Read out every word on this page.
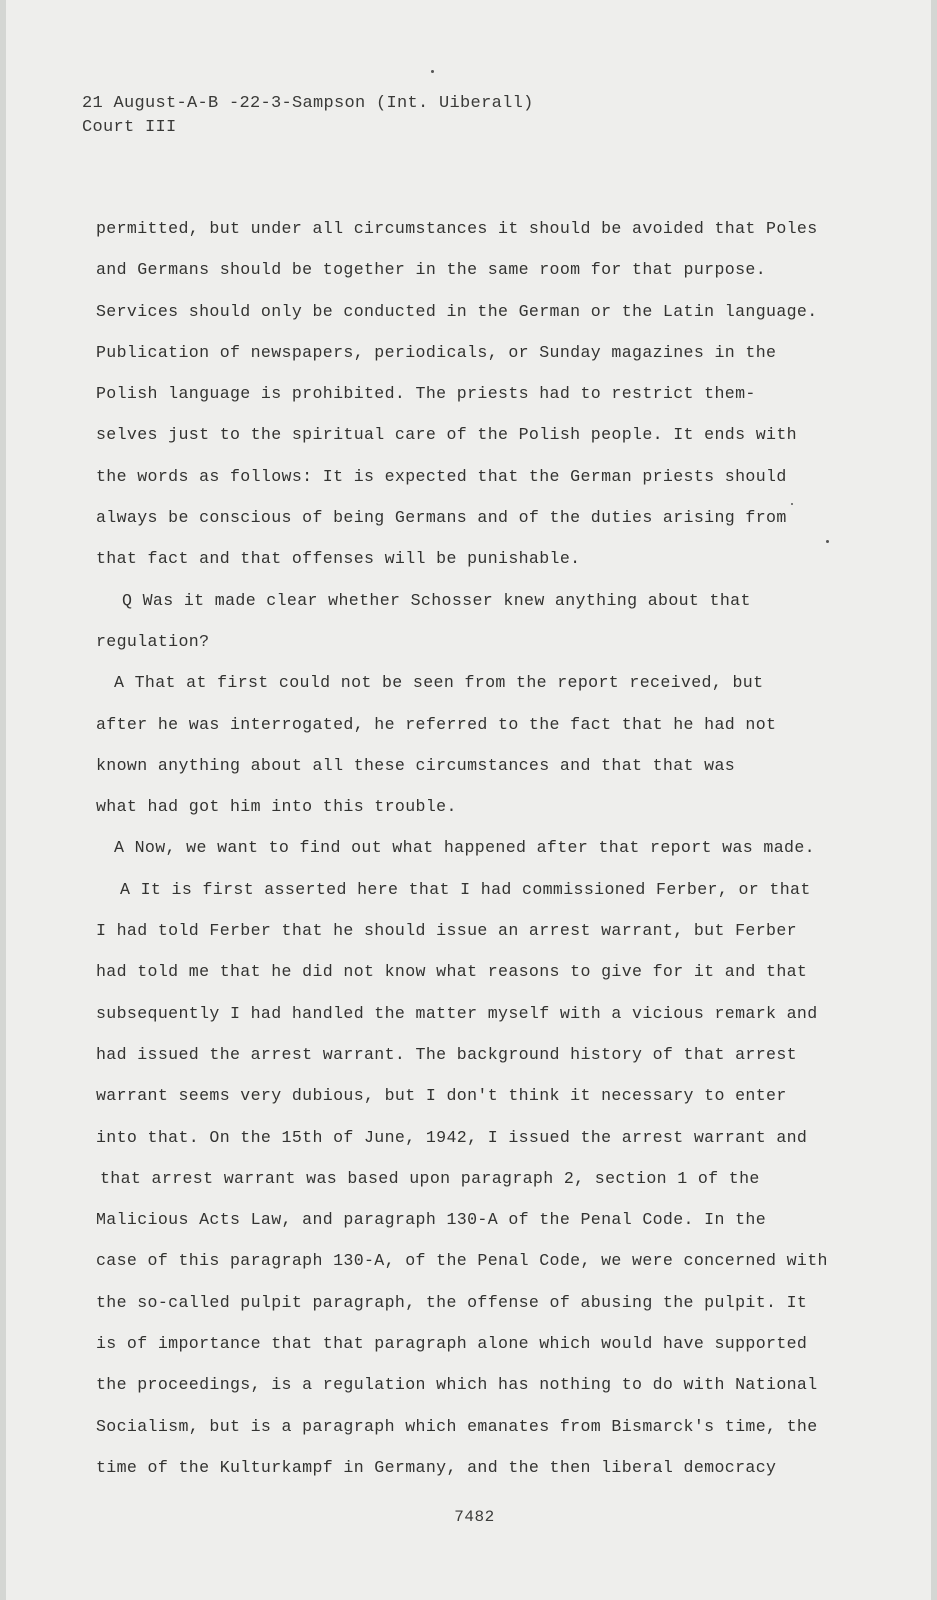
21 August-A-B -22-3-Sampson (Int. Uiberall)
Court III
permitted, but under all circumstances it should be avoided that Poles
and Germans should be together in the same room for that purpose.
Services should only be conducted in the German or the Latin language.
Publication of newspapers, periodicals, or Sunday magazines in the
Polish language is prohibited. The priests had to restrict them-
selves just to the spiritual care of the Polish people. It ends with
the words as follows: It is expected that the German priests should
always be conscious of being Germans and of the duties arising from
that fact and that offenses will be punishable.
Q Was it made clear whether Schosser knew anything about that
regulation?
A That at first could not be seen from the report received, but
after he was interrogated, he referred to the fact that he had not
known anything about all these circumstances and that that was
what had got him into this trouble.
A Now, we want to find out what happened after that report was made.
A It is first asserted here that I had commissioned Ferber, or that
I had told Ferber that he should issue an arrest warrant, but Ferber
had told me that he did not know what reasons to give for it and that
subsequently I had handled the matter myself with a vicious remark and
had issued the arrest warrant. The background history of that arrest
warrant seems very dubious, but I don't think it necessary to enter
into that. On the 15th of June, 1942, I issued the arrest warrant and
that arrest warrant was based upon paragraph 2, section 1 of the
Malicious Acts Law, and paragraph 130-A of the Penal Code. In the
case of this paragraph 130-A, of the Penal Code, we were concerned with
the so-called pulpit paragraph, the offense of abusing the pulpit. It
is of importance that that paragraph alone which would have supported
the proceedings, is a regulation which has nothing to do with National
Socialism, but is a paragraph which emanates from Bismarck's time, the
time of the Kulturkampf in Germany, and the then liberal democracy
7482
